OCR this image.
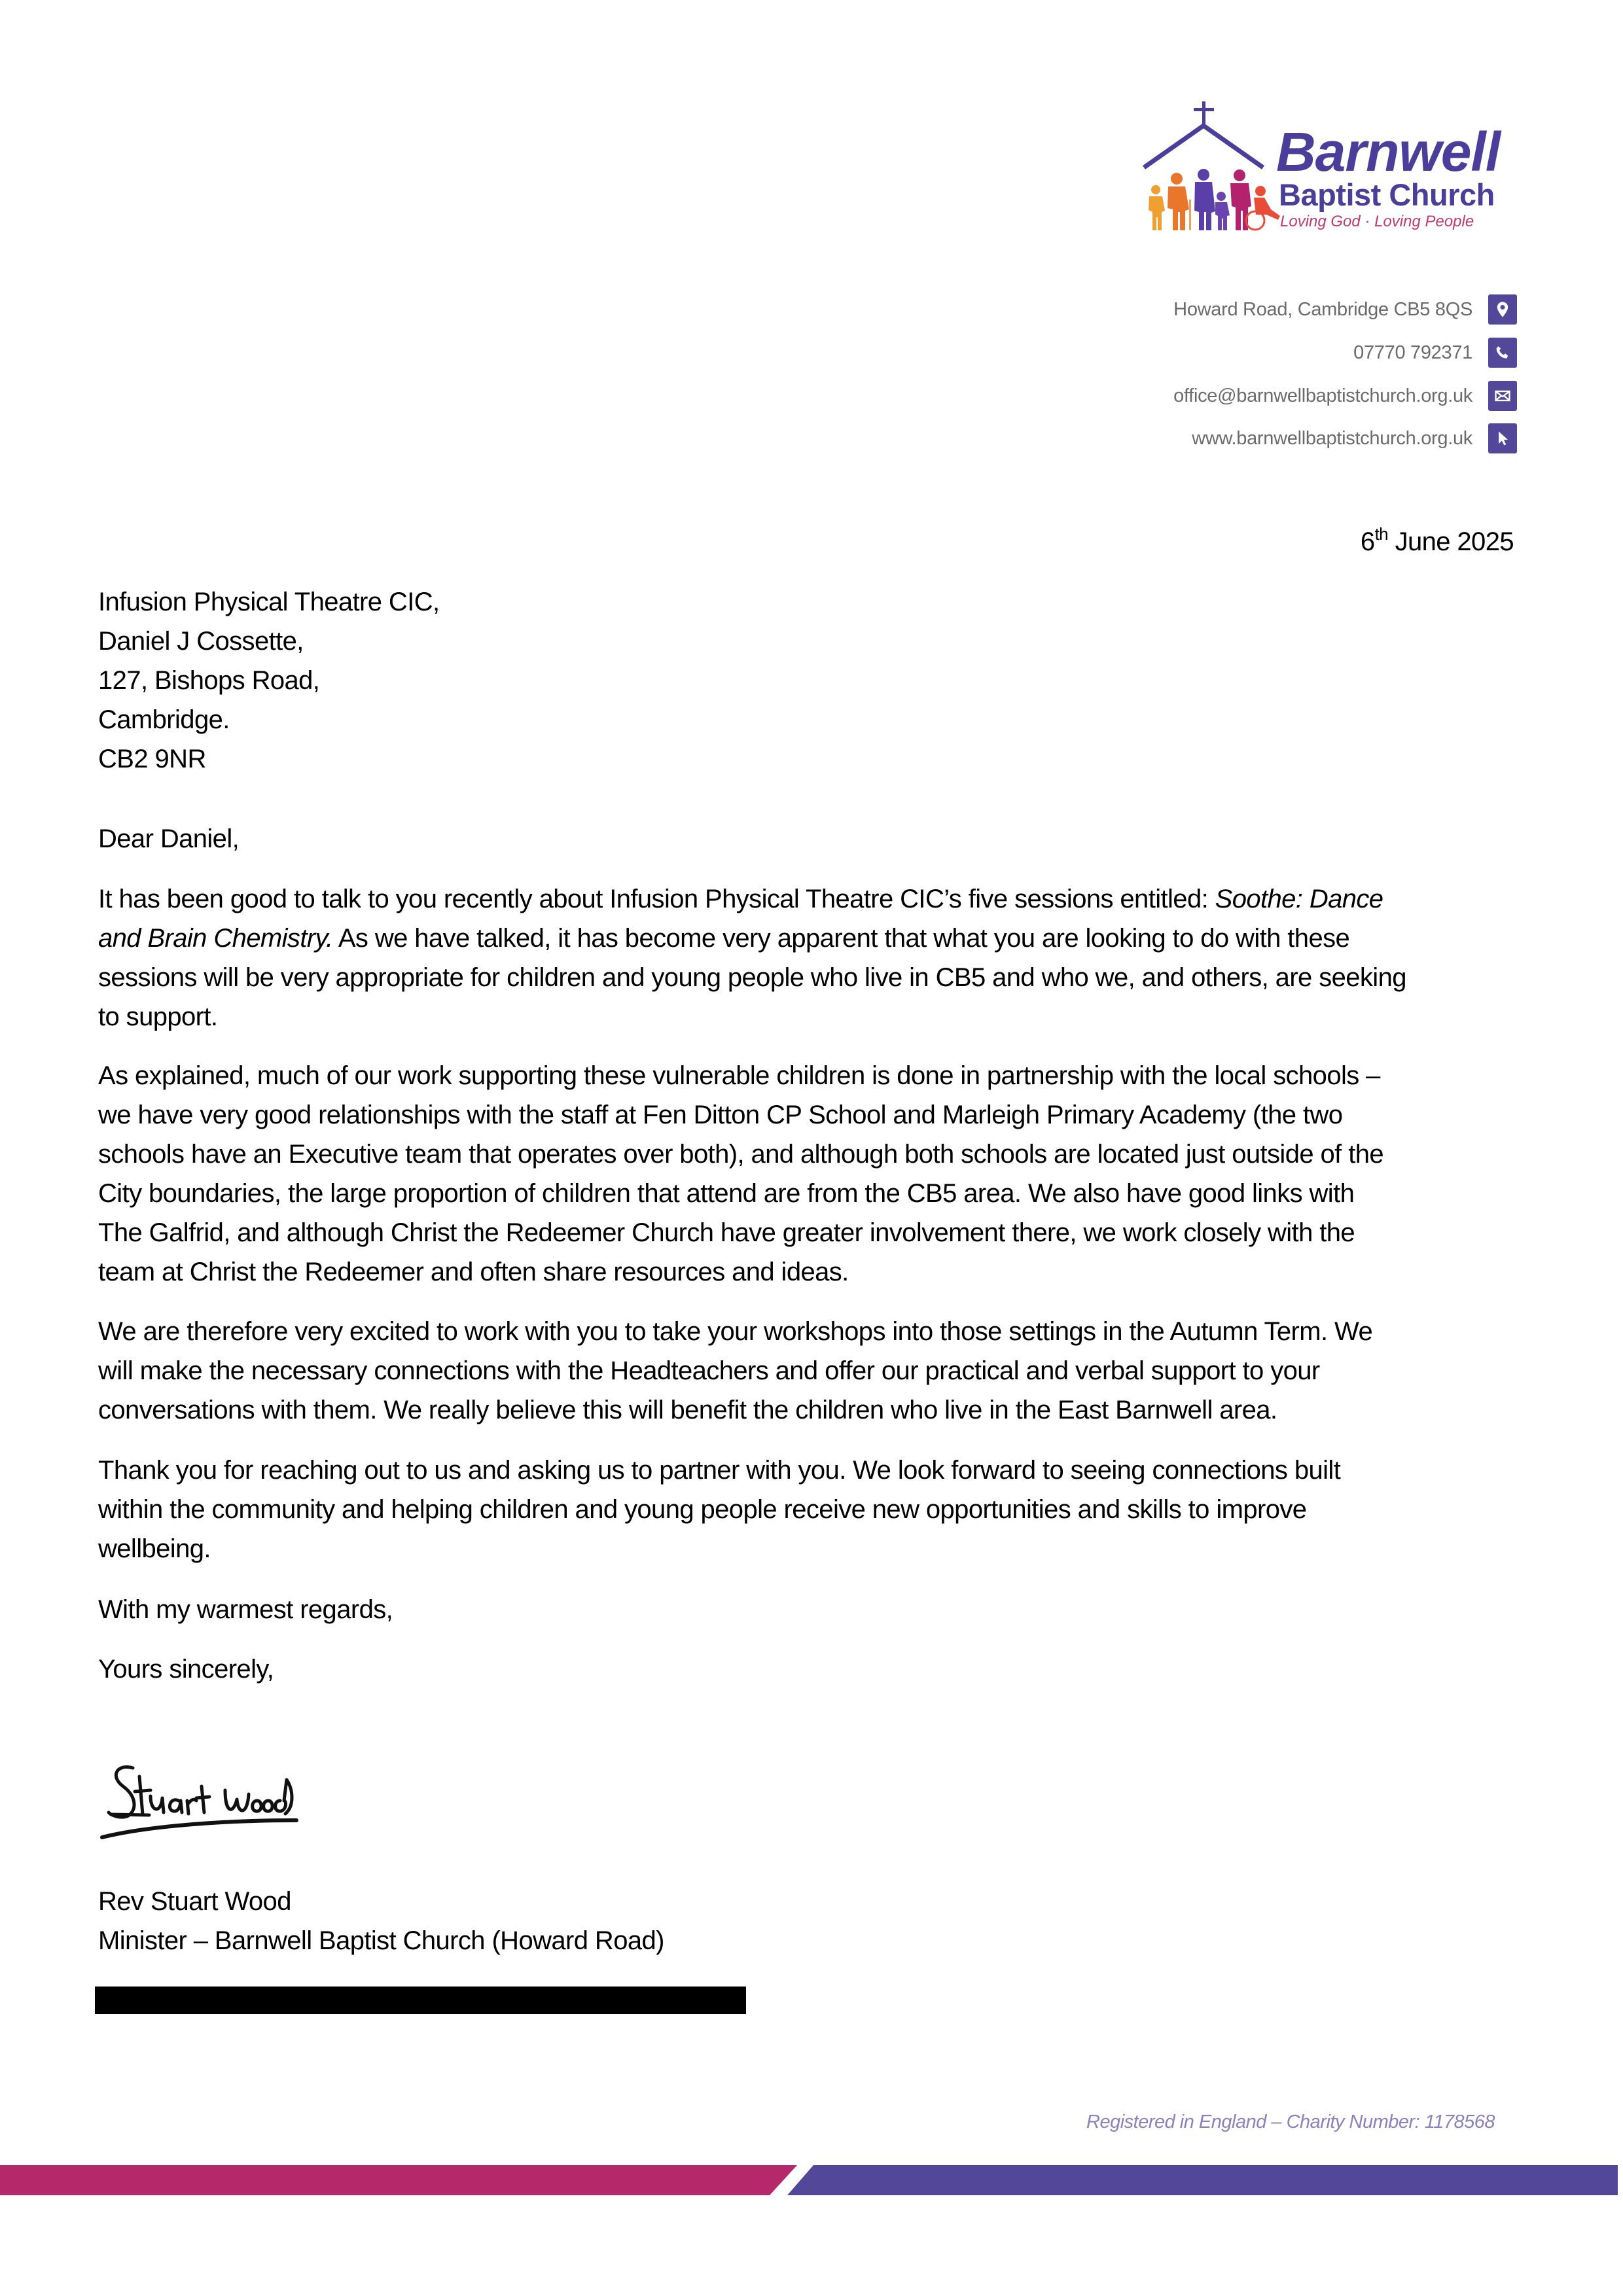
Barnwell
Baptist Church
Loving God · Loving People
Howard Road, Cambridge CB5 8QS
07770 792371
office@barnwellbaptistchurch.org.uk
www.barnwellbaptistchurch.org.uk
6th June 2025
Infusion Physical Theatre CIC,
Daniel J Cossette,
127, Bishops Road,
Cambridge.
CB2 9NR
Dear Daniel,
It has been good to talk to you recently about Infusion Physical Theatre CIC’s five sessions entitled: Soothe: Dance
and Brain Chemistry. As we have talked, it has become very apparent that what you are looking to do with these
sessions will be very appropriate for children and young people who live in CB5 and who we, and others, are seeking
to support.
As explained, much of our work supporting these vulnerable children is done in partnership with the local schools –
we have very good relationships with the staff at Fen Ditton CP School and Marleigh Primary Academy (the two
schools have an Executive team that operates over both), and although both schools are located just outside of the
City boundaries, the large proportion of children that attend are from the CB5 area. We also have good links with
The Galfrid, and although Christ the Redeemer Church have greater involvement there, we work closely with the
team at Christ the Redeemer and often share resources and ideas.
We are therefore very excited to work with you to take your workshops into those settings in the Autumn Term. We
will make the necessary connections with the Headteachers and offer our practical and verbal support to your
conversations with them. We really believe this will benefit the children who live in the East Barnwell area.
Thank you for reaching out to us and asking us to partner with you. We look forward to seeing connections built
within the community and helping children and young people receive new opportunities and skills to improve
wellbeing.
With my warmest regards,
Yours sincerely,
Rev Stuart Wood
Minister – Barnwell Baptist Church (Howard Road)
Registered in England – Charity Number: 1178568
